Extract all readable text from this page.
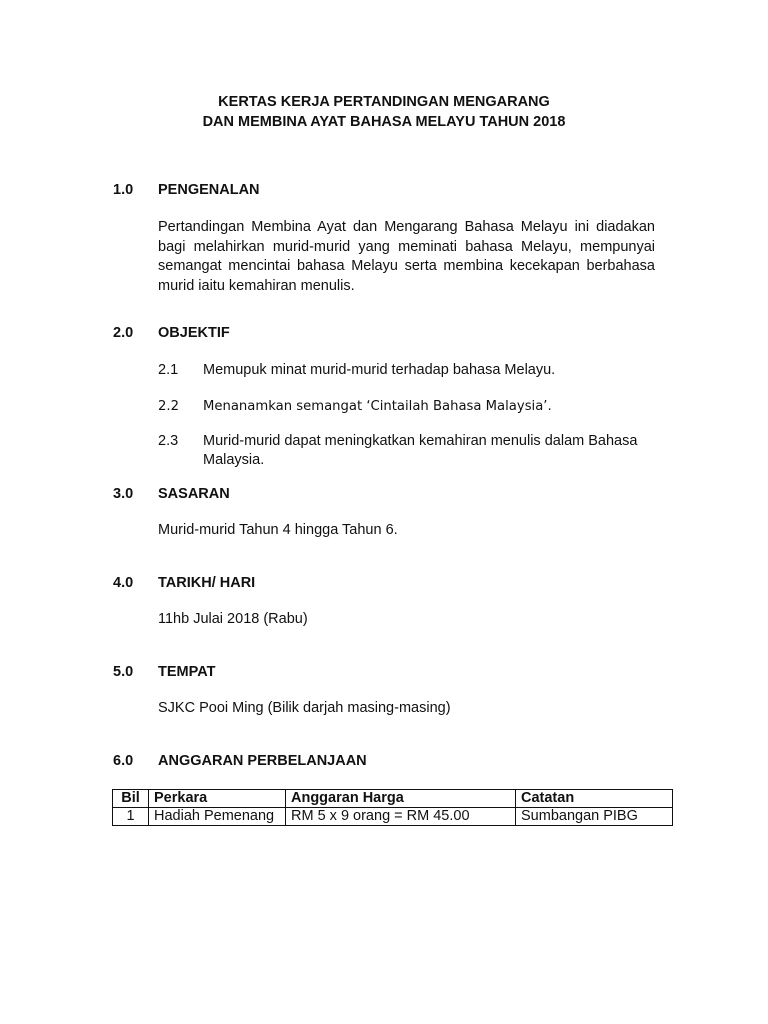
KERTAS KERJA PERTANDINGAN MENGARANG
DAN MEMBINA AYAT BAHASA MELAYU TAHUN 2018
1.0 PENGENALAN
Pertandingan Membina Ayat dan Mengarang Bahasa Melayu ini diadakan bagi melahirkan murid-murid yang meminati bahasa Melayu, mempunyai semangat mencintai bahasa Melayu serta membina kecekapan berbahasa murid iaitu kemahiran menulis.
2.0 OBJEKTIF
2.1 Memupuk minat murid-murid terhadap bahasa Melayu.
2.2 Menanamkan semangat ‘Cintailah Bahasa Malaysia’.
2.3 Murid-murid dapat meningkatkan kemahiran menulis dalam Bahasa Malaysia.
3.0 SASARAN
Murid-murid Tahun 4 hingga Tahun 6.
4.0 TARIKH/ HARI
11hb Julai 2018 (Rabu)
5.0 TEMPAT
SJKC Pooi Ming (Bilik darjah masing-masing)
6.0 ANGGARAN PERBELANJAAN
Bil	Perkara	Anggaran Harga	Catatan
1	Hadiah Pemenang	RM 5 x 9 orang = RM 45.00	Sumbangan PIBG
